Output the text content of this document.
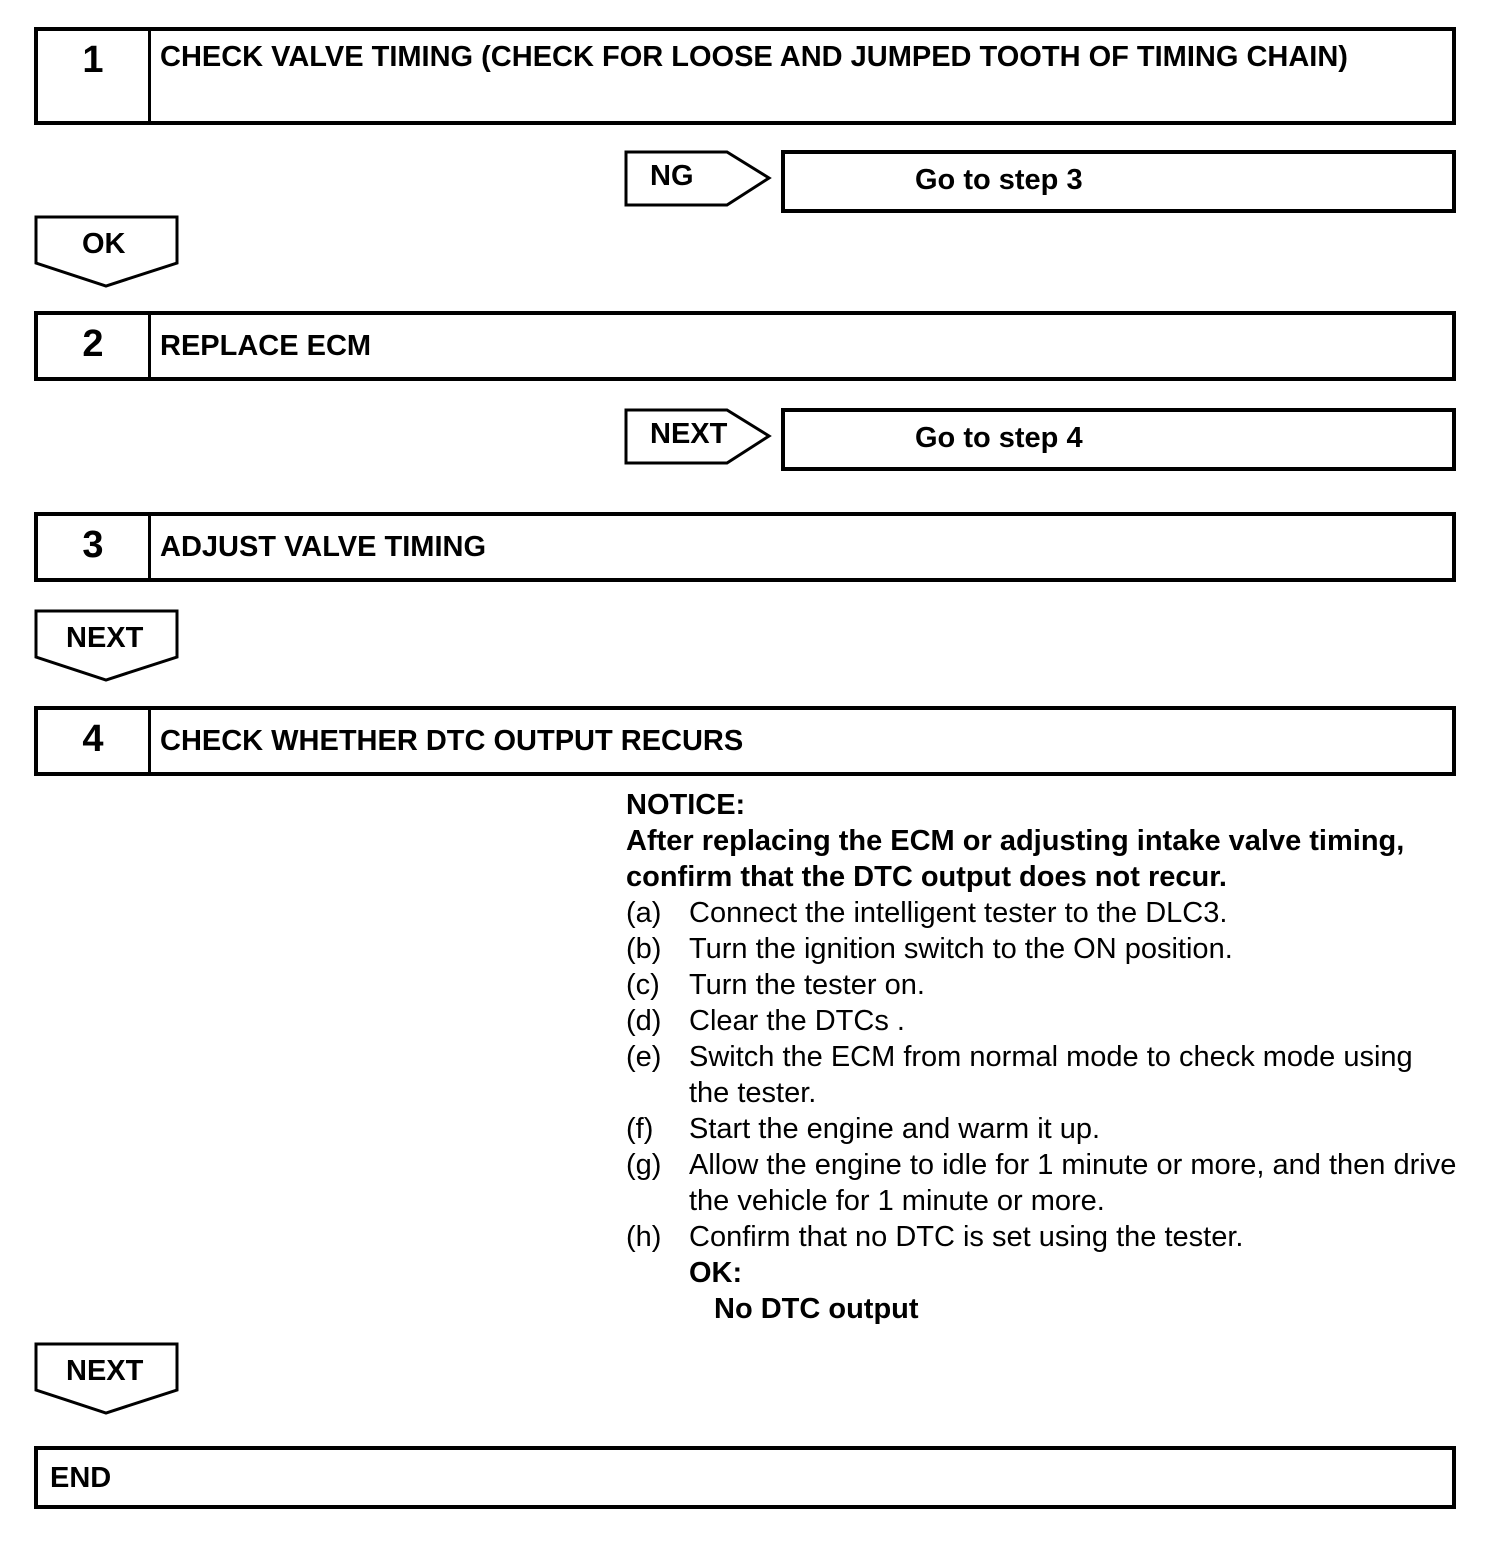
1	CHECK VALVE TIMING (CHECK FOR LOOSE AND JUMPED TOOTH OF TIMING CHAIN)
NG	Go to step 3
OK
2	REPLACE ECM
NEXT	Go to step 4
3	ADJUST VALVE TIMING
NEXT
4	CHECK WHETHER DTC OUTPUT RECURS
NOTICE:
After replacing the ECM or adjusting intake valve timing,
confirm that the DTC output does not recur.
(a) Connect the intelligent tester to the DLC3.
(b) Turn the ignition switch to the ON position.
(c) Turn the tester on.
(d) Clear the DTCs .
(e) Switch the ECM from normal mode to check mode using the tester.
(f) Start the engine and warm it up.
(g) Allow the engine to idle for 1 minute or more, and then drive the vehicle for 1 minute or more.
(h) Confirm that no DTC is set using the tester.
OK:
No DTC output
NEXT
END
